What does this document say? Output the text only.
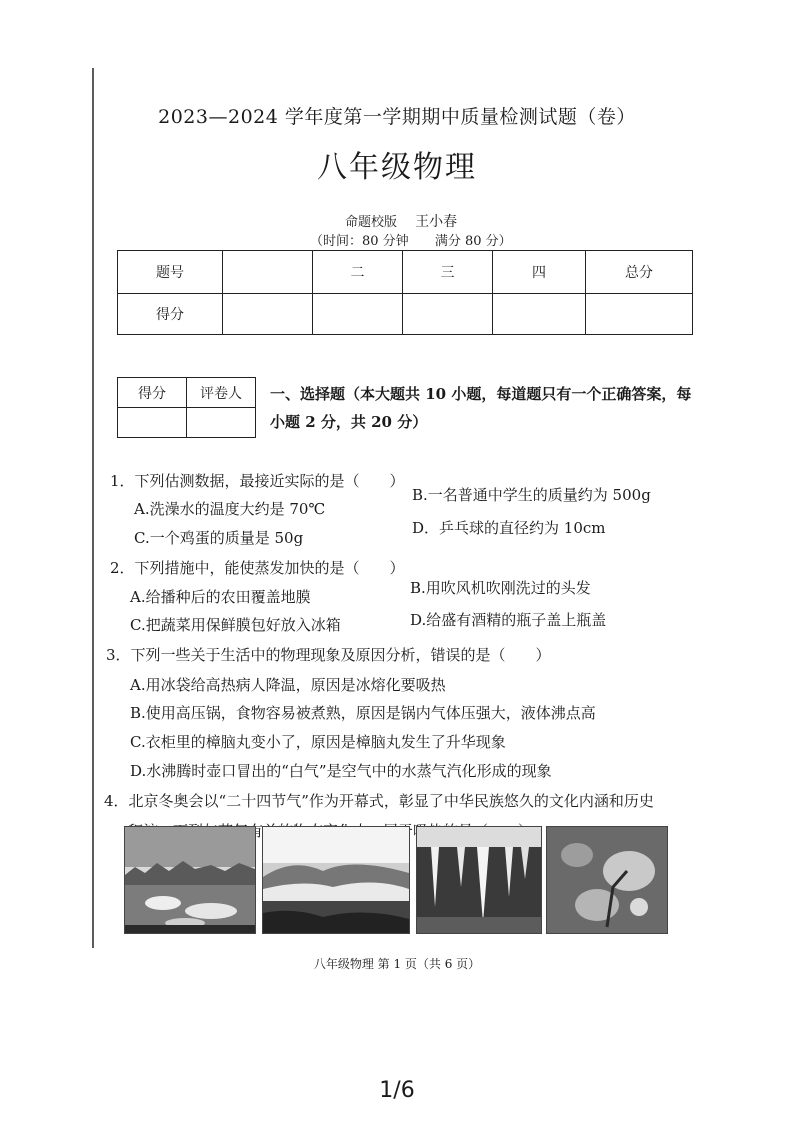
2023—2024 学年度第一学期期中质量检测试题（卷）
八年级物理
命题校版 王小春
（时间：80 分钟 满分 80 分）
题号		二	三	四	总分
得分					
得分	评卷人
	一、选择题（本大题共 10 小题，每道题只有一个正确答案，每小题 2 分，共 20 分）
1．下列估测数据，最接近实际的是（　　）
A.洗澡水的温度大约是 70℃
B.一名普通中学生的质量约为 500g
C.一个鸡蛋的质量是 50g
D．乒乓球的直径约为 10cm
2．下列措施中，能使蒸发加快的是（　　）
A.给播种后的农田覆盖地膜	B.用吹风机吹刚洗过的头发
C.把蔬菜用保鲜膜包好放入冰箱	D.给盛有酒精的瓶子盖上瓶盖
3．下列一些关于生活中的物理现象及原因分析，错误的是（　　）
A.用冰袋给高热病人降温，原因是冰熔化要吸热
B.使用高压锅，食物容易被煮熟，原因是锅内气体压强大，液体沸点高
C.衣柜里的樟脑丸变小了，原因是樟脑丸发生了升华现象
D.水沸腾时壶口冒出的“白气”是空气中的水蒸气汽化形成的现象
4．北京冬奥会以“二十四节气”作为开幕式，彰显了中华民族悠久的文化内涵和历史
八年级物理 第 1 页（共 6 页）
1/6
